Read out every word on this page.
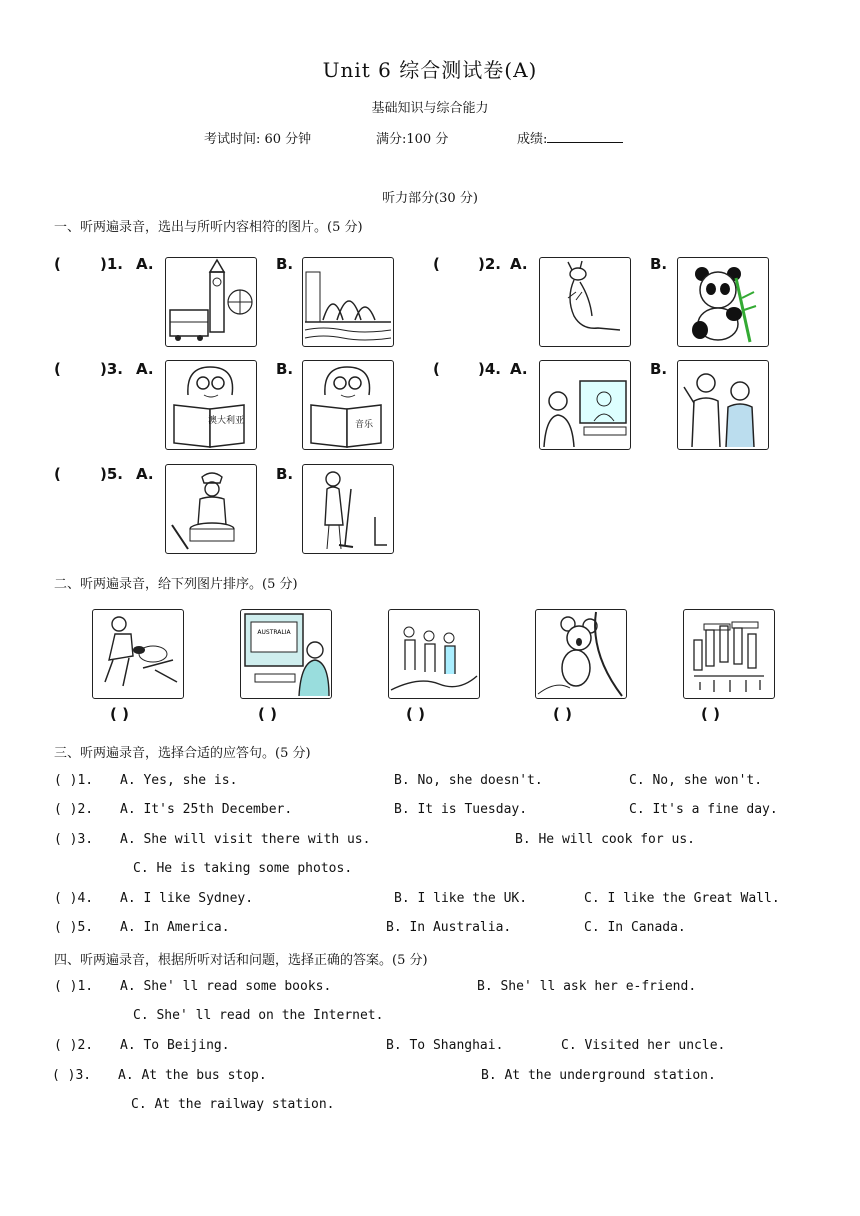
Unit 6 综合测试卷(A)
基础知识与综合能力
考试时间: 60 分钟	满分:100 分	成绩:
听力部分(30 分)
一、听两遍录音，选出与所听内容相符的图片。(5 分)
(	)1. A.	B.	(	)2. A.	B.
(	)3. A.
澳大利亚
B.
音乐
(	)4. A.	B.
(	)5. A.	B.
二、听两遍录音，给下列图片排序。(5 分)
AUSTRALIA
( )	( )	( )	( )	( )
三、听两遍录音，选择合适的应答句。(5 分)
( )1. A. Yes, she is.	B. No, she doesn't.	C. No, she won't.
( )2. A. It's 25th December.	B. It is Tuesday.	C. It's a fine day.
( )3. A. She will visit there with us.	B. He will cook for us.
C. He is taking some photos.
( )4. A. I like Sydney.	B. I like the UK.	C. I like the Great Wall.
( )5. A. In America.	B. In Australia.	C. In Canada.
四、听两遍录音，根据所听对话和问题，选择正确的答案。(5 分)
( )1. A. She' ll read some books.	B. She' ll ask her e-friend.
C. She' ll read on the Internet.
( )2. A. To Beijing.	B. To Shanghai.	C. Visited her uncle.
( )3. A. At the bus stop.	B. At the underground station.
C. At the railway station.
